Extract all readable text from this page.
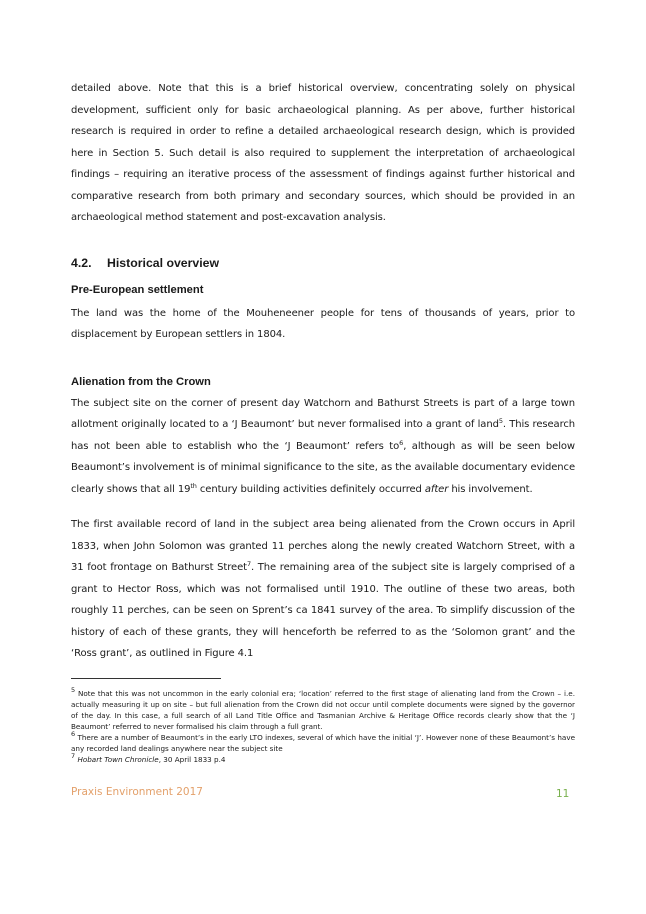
detailed above. Note that this is a brief historical overview, concentrating solely on physical development, sufficient only for basic archaeological planning. As per above, further historical research is required in order to refine a detailed archaeological research design, which is provided here in Section 5. Such detail is also required to supplement the interpretation of archaeological findings – requiring an iterative process of the assessment of findings against further historical and comparative research from both primary and secondary sources, which should be provided in an archaeological method statement and post-excavation analysis.

4.2. Historical overview
Pre-European settlement

The land was the home of the Mouheneener people for tens of thousands of years, prior to displacement by European settlers in 1804.

Alienation from the Crown

The subject site on the corner of present day Watchorn and Bathurst Streets is part of a large town allotment originally located to a ‘J Beaumont’ but never formalised into a grant of land$^5$. This research has not been able to establish who the ‘J Beaumont’ refers $to^6$, although as will be seen below Beaumont’s involvement is of minimal significance to the site, as the available documentary evidence clearly shows that all 19th century building activities definitely occurred after his involvement.

The first available record of land in the subject area being alienated from the Crown occurs in April 1833, when John Solomon was granted 11 perches along the newly created Watchorn Street, with a 31 foot frontage on Bathurst Street$^7$. The remaining area of the subject site is largely comprised of a grant to Hector Ross, which was not formalised until 1910. The outline of these two areas, both roughly 11 perches, can be seen on Sprent’s ca 1841 survey of the area. To simplify discussion of the history of each of these grants, they will henceforth be referred to as the ‘Solomon grant’ and the ‘Ross grant’, as outlined in Figure 4.1

$^5$ Note that this was not uncommon in the early colonial era; ‘location’ referred to the first stage of alienating land from the Crown – i.e. actually measuring it up on site – but full alienation from the Crown did not occur until complete documents were signed by the governor of the day. In this case, a full search of all Land Title Office and Tasmanian Archive & Heritage Office records clearly show that the ‘J Beaumont’ referred to never formalised his claim through a full grant.

$^6$ There are a number of Beaumont’s in the early LTO indexes, several of which have the initial ‘J’. However none of these Beaumont’s have any recorded land dealings anywhere near the subject site

$^7$ Hobart Town Chronicle, 30 April 1833 p.4

Praxis Environment 2017	11
